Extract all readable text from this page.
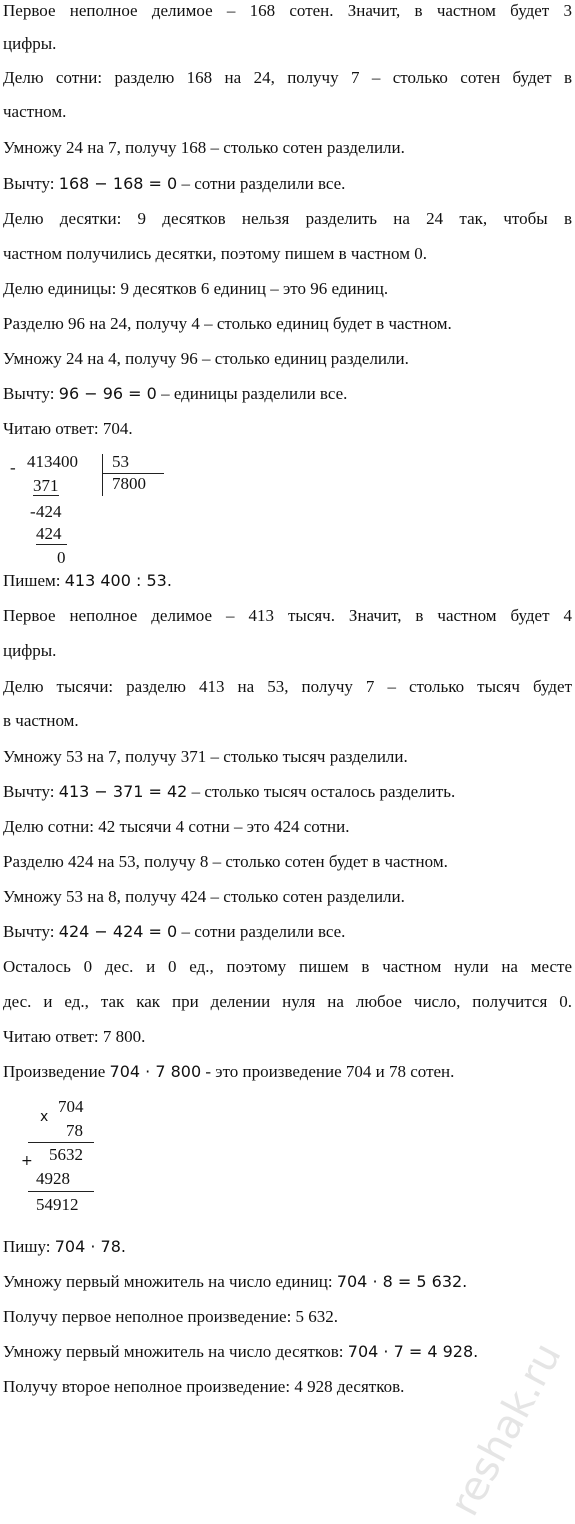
Первое неполное делимое – 168 сотен. Значит, в частном будет 3
цифры.
Делю сотни: разделю 168 на 24, получу 7 – столько сотен будет в
частном.
Умножу 24 на 7, получу 168 – столько сотен разделили.
Вычту: 168 − 168 = 0 – сотни разделили все.
Делю десятки: 9 десятков нельзя разделить на 24 так, чтобы в
частном получились десятки, поэтому пишем в частном 0.
Делю единицы: 9 десятков 6 единиц – это 96 единиц.
Разделю 96 на 24, получу 4 – столько единиц будет в частном.
Умножу 24 на 4, получу 96 – столько единиц разделили.
Вычту: 96 − 96 = 0 – единицы разделили все.
Читаю ответ: 704.
- 413400 53
7800
371
- 424
424
0
Пишем: 413 400 : 53.
Первое неполное делимое – 413 тысяч. Значит, в частном будет 4
цифры.
Делю тысячи: разделю 413 на 53, получу 7 – столько тысяч будет
в частном.
Умножу 53 на 7, получу 371 – столько тысяч разделили.
Вычту: 413 − 371 = 42 – столько тысяч осталось разделить.
Делю сотни: 42 тысячи 4 сотни – это 424 сотни.
Разделю 424 на 53, получу 8 – столько сотен будет в частном.
Умножу 53 на 8, получу 424 – столько сотен разделили.
Вычту: 424 − 424 = 0 – сотни разделили все.
Осталось 0 дес. и 0 ед., поэтому пишем в частном нули на месте
дес. и ед., так как при делении нуля на любое число, получится 0.
Читаю ответ: 7 800.
Произведение 704 · 7 800 - это произведение 704 и 78 сотен.
x
704
78
+ 5632
4928
54912
Пишу: 704 · 78.
Умножу первый множитель на число единиц: 704 · 8 = 5 632.
Получу первое неполное произведение: 5 632.
Умножу первый множитель на число десятков: 704 · 7 = 4 928.
Получу второе неполное произведение: 4 928 десятков. reshak.ru
